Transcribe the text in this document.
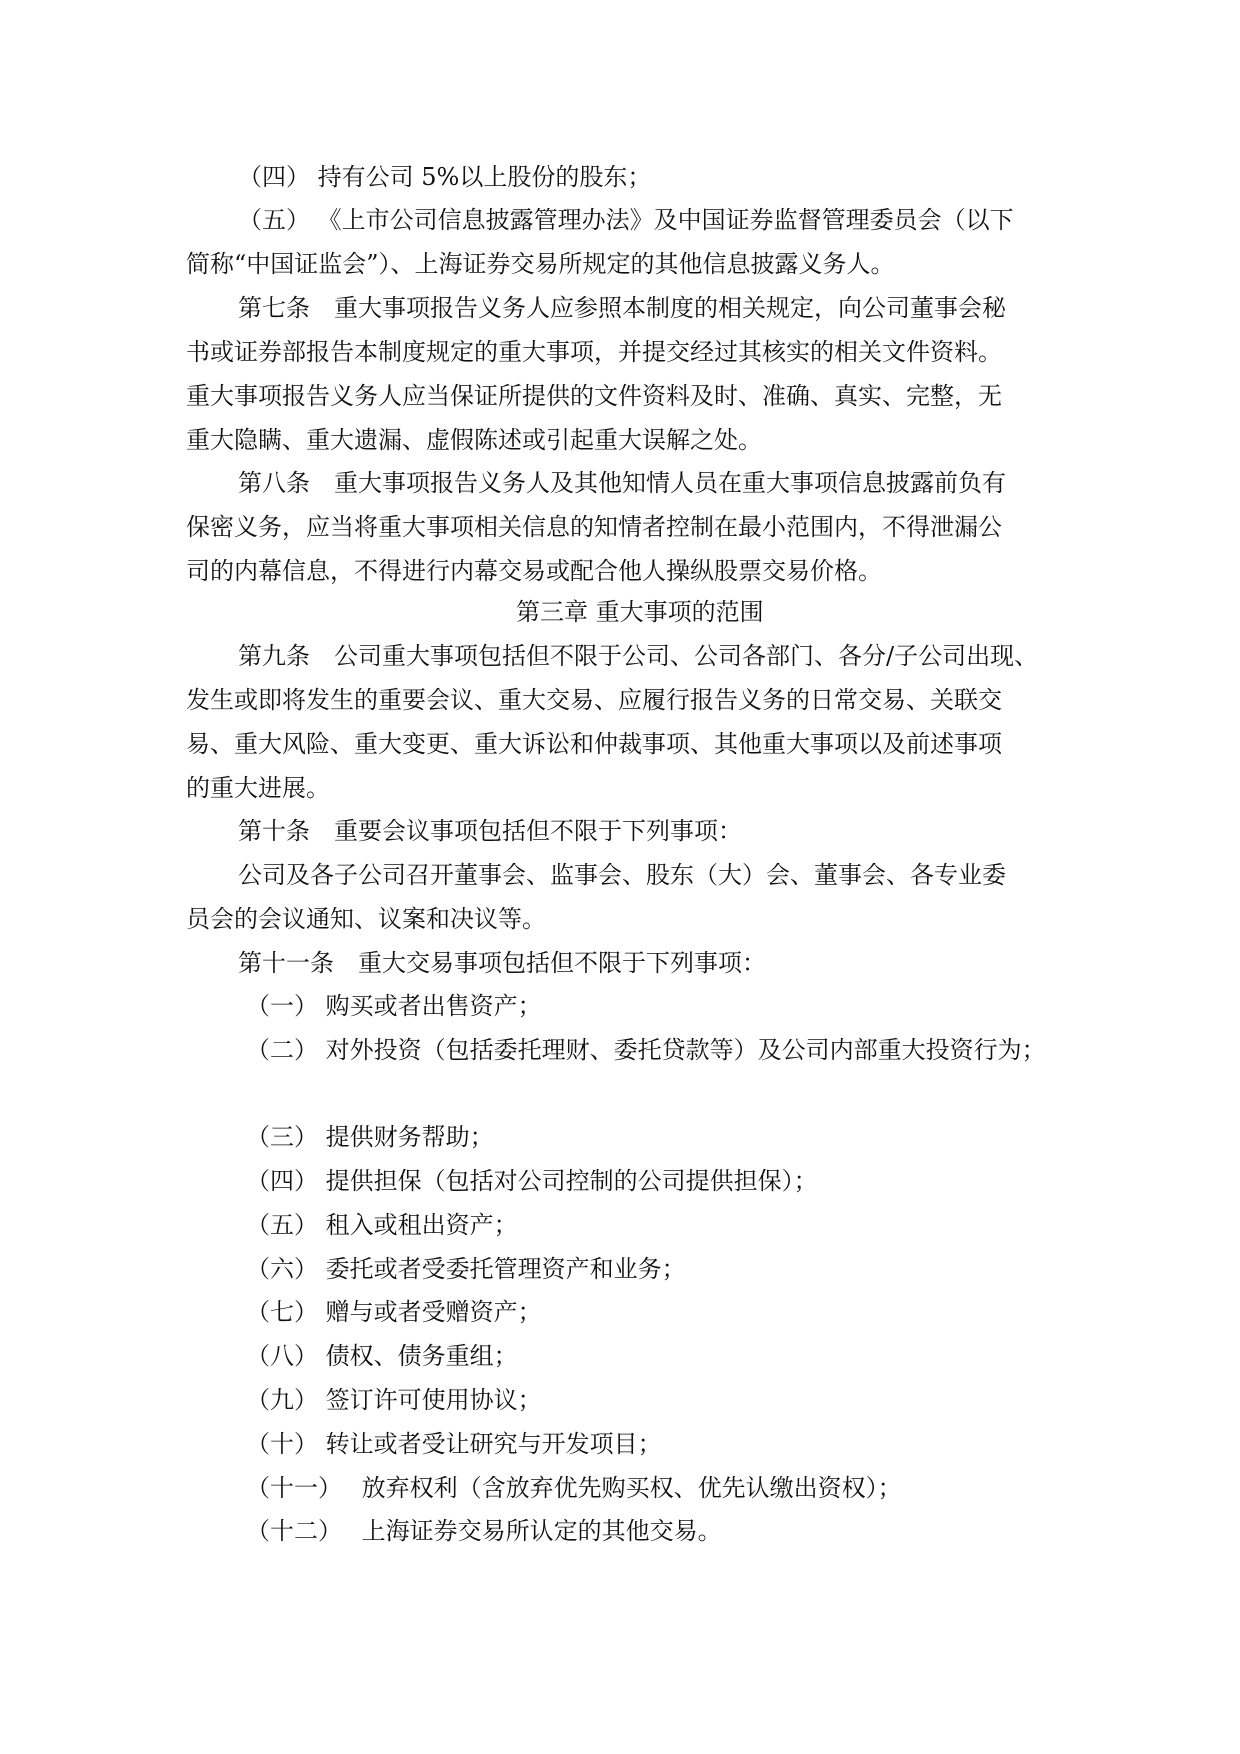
（四） 持有公司 5%以上股份的股东；
（五） 《上市公司信息披露管理办法》及中国证券监督管理委员会（以下
简称“中国证监会”）、上海证券交易所规定的其他信息披露义务人。
第七条　重大事项报告义务人应参照本制度的相关规定，向公司董事会秘
书或证券部报告本制度规定的重大事项，并提交经过其核实的相关文件资料。
重大事项报告义务人应当保证所提供的文件资料及时、准确、真实、完整，无
重大隐瞒、重大遗漏、虚假陈述或引起重大误解之处。
第八条　重大事项报告义务人及其他知情人员在重大事项信息披露前负有
保密义务，应当将重大事项相关信息的知情者控制在最小范围内，不得泄漏公
司的内幕信息，不得进行内幕交易或配合他人操纵股票交易价格。
第三章 重大事项的范围
第九条　公司重大事项包括但不限于公司、公司各部门、各分/子公司出现、
发生或即将发生的重要会议、重大交易、应履行报告义务的日常交易、关联交
易、重大风险、重大变更、重大诉讼和仲裁事项、其他重大事项以及前述事项
的重大进展。
第十条　重要会议事项包括但不限于下列事项：
公司及各子公司召开董事会、监事会、股东（大）会、董事会、各专业委
员会的会议通知、议案和决议等。
第十一条　重大交易事项包括但不限于下列事项：
（一） 购买或者出售资产；
（二） 对外投资（包括委托理财、委托贷款等）及公司内部重大投资行为；
（三） 提供财务帮助；
（四） 提供担保（包括对公司控制的公司提供担保）；
（五） 租入或租出资产；
（六） 委托或者受委托管理资产和业务；
（七） 赠与或者受赠资产；
（八） 债权、债务重组；
（九） 签订许可使用协议；
（十） 转让或者受让研究与开发项目；
（十一）　 放弃权利（含放弃优先购买权、优先认缴出资权）；
（十二）　 上海证券交易所认定的其他交易。
